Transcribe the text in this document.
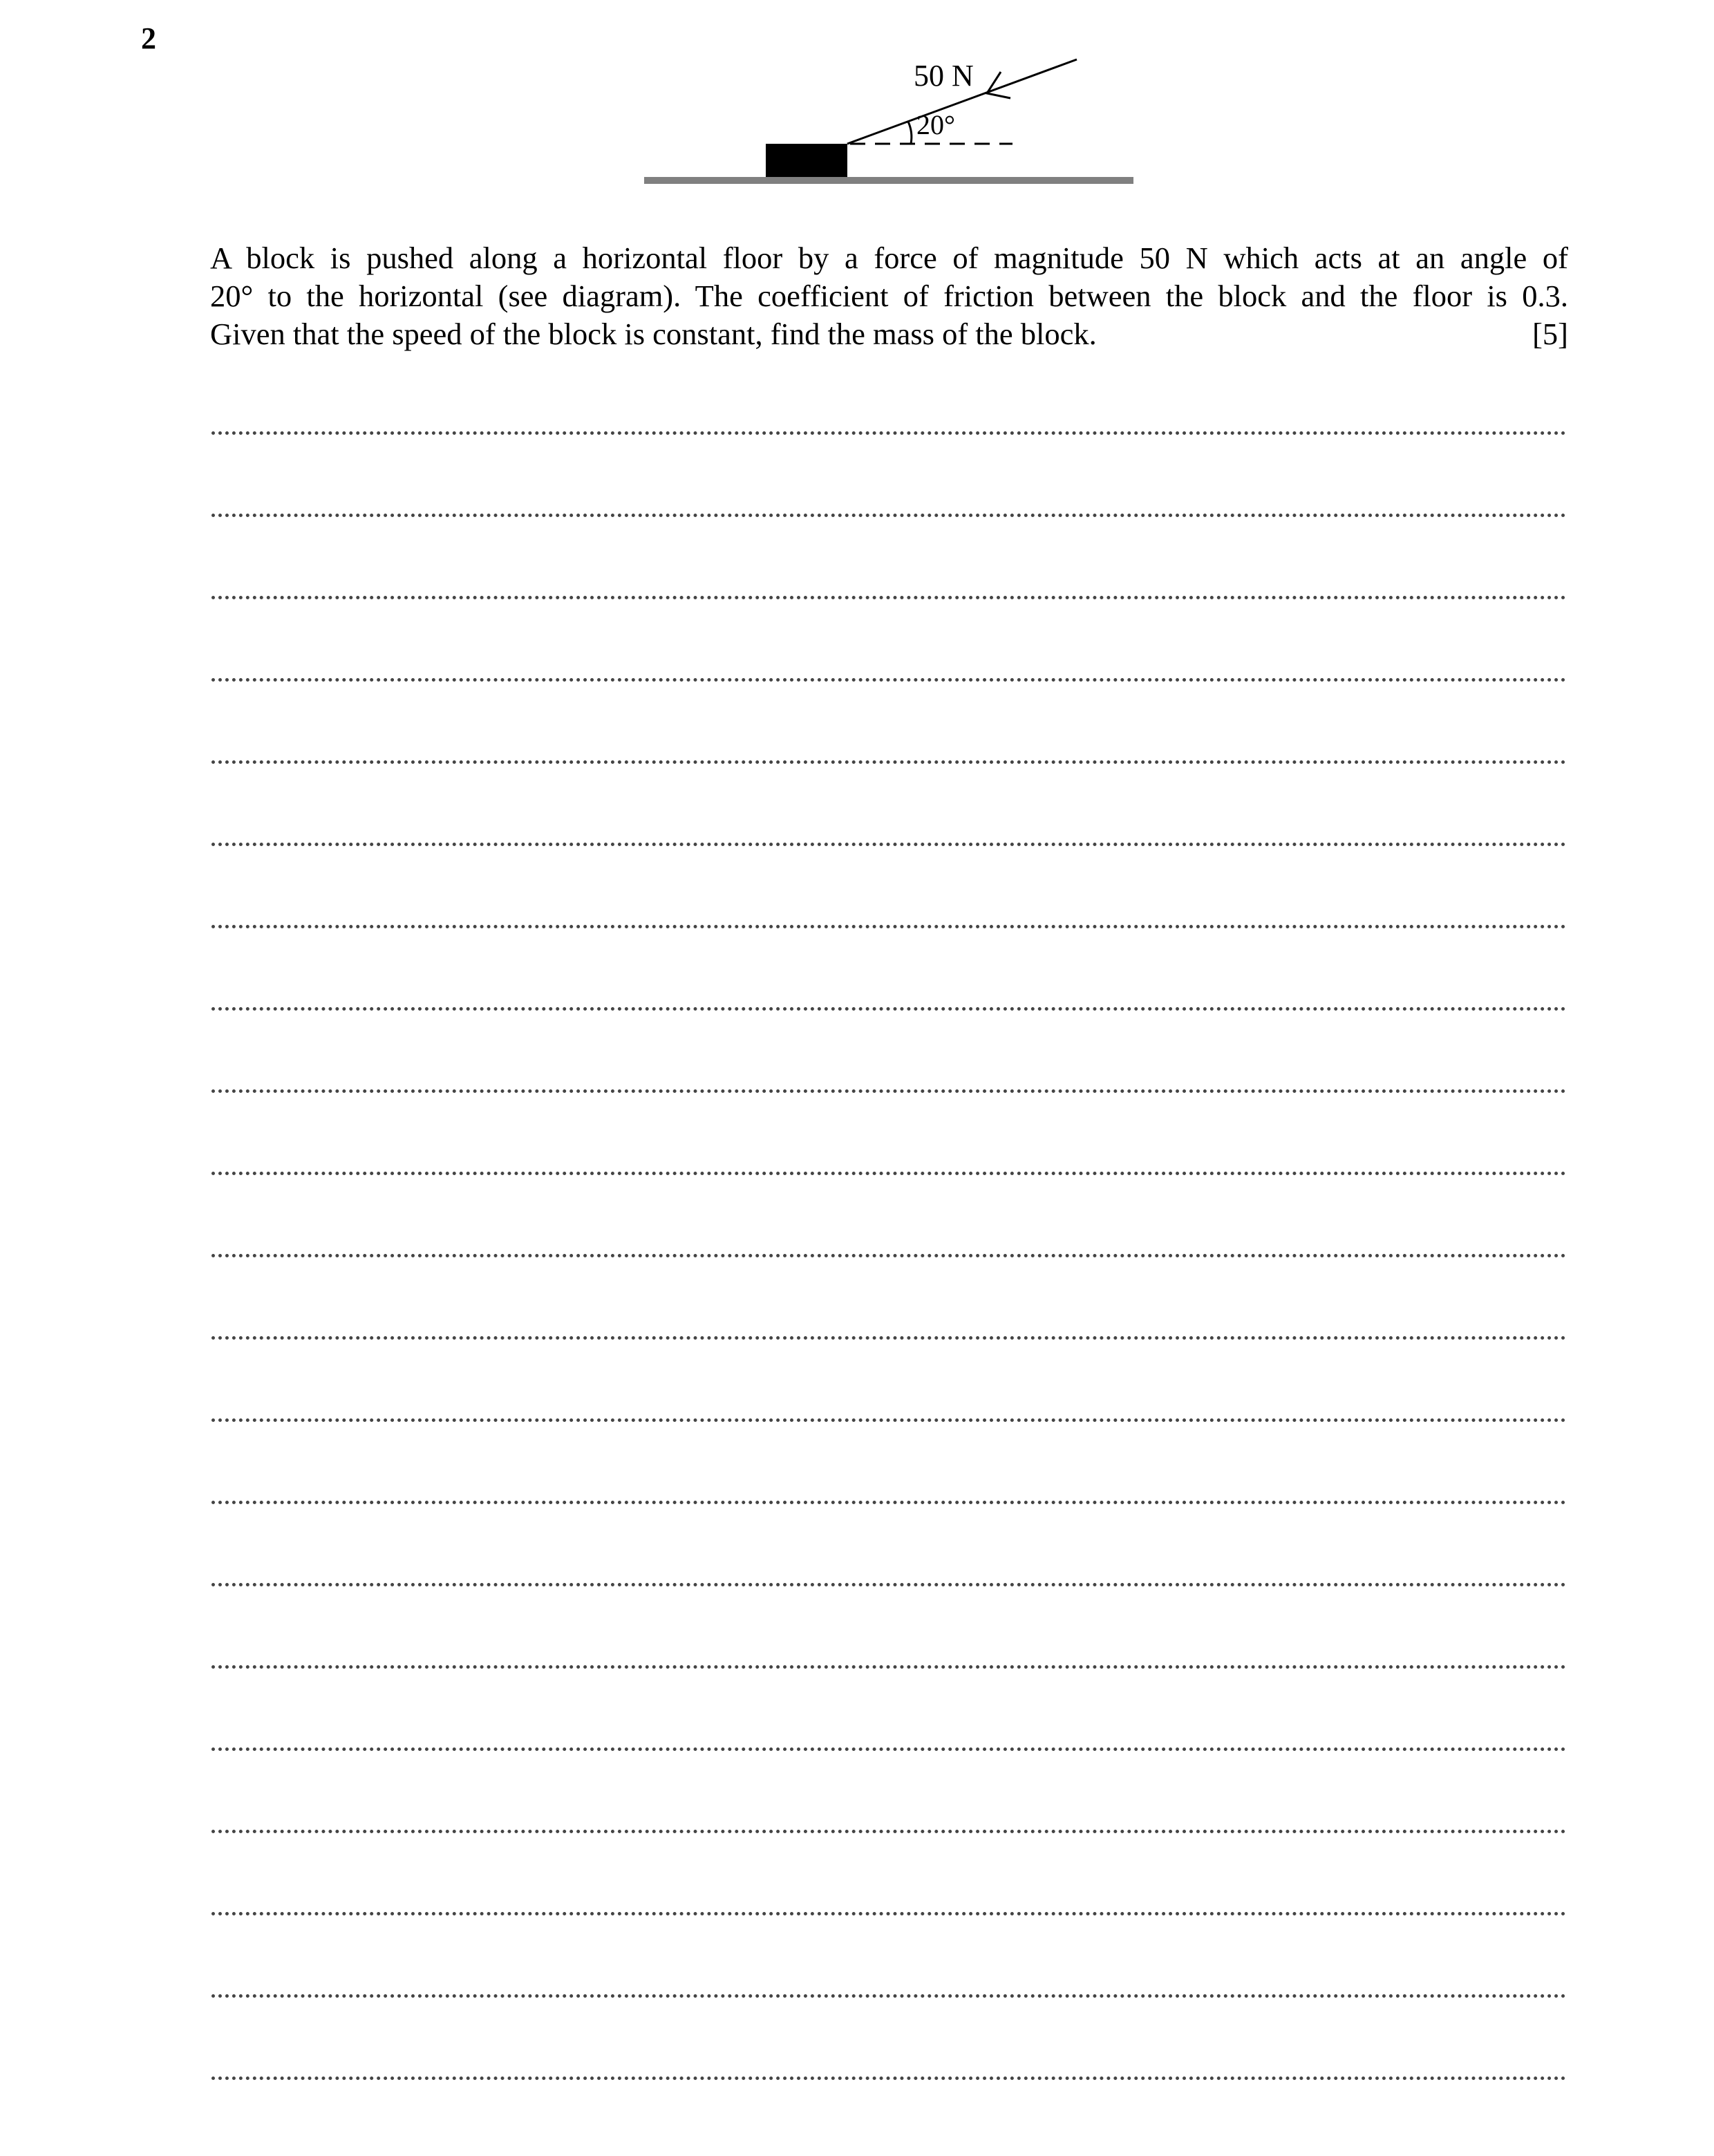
2
50 N
20°
A block is pushed along a horizontal floor by a force of magnitude 50 N which acts at an angle of
20° to the horizontal (see diagram). The coefficient of friction between the block and the floor is 0.3.
Given that the speed of the block is constant, find the mass of the block.	[5]
